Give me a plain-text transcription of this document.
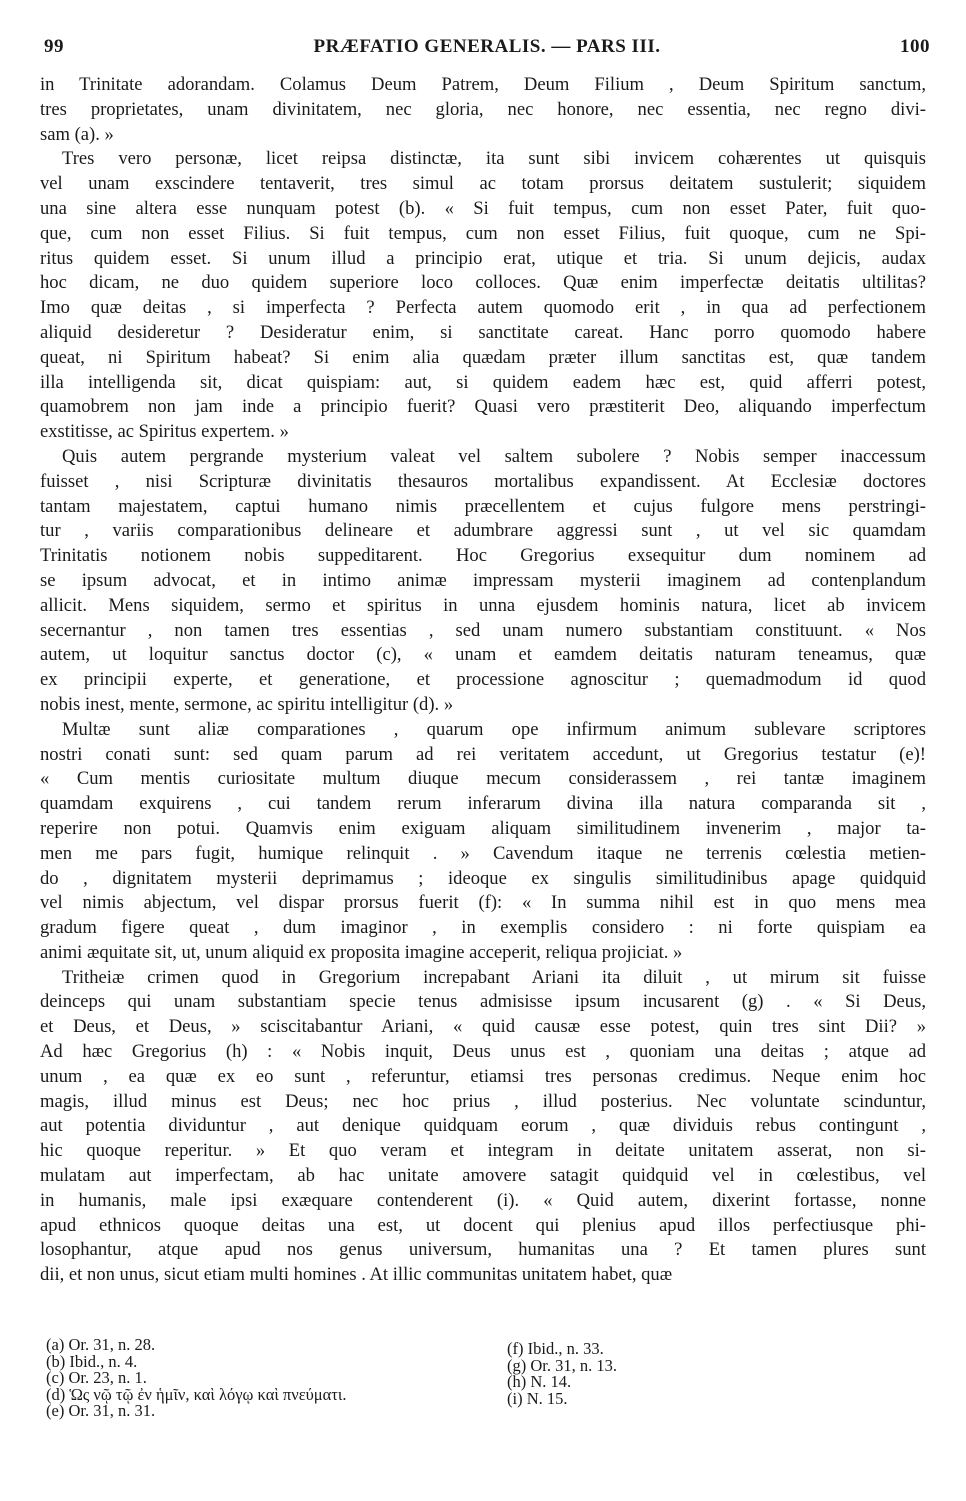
99	PRÆFATIO GENERALIS. — PARS III.	100
in Trinitate adorandam. Colamus Deum Patrem, Deum Filium , Deum Spiritum sanctum,
tres proprietates, unam divinitatem, nec gloria, nec honore, nec essentia, nec regno divi-
sam (a). »
Tres vero personæ, licet reipsa distinctæ, ita sunt sibi invicem cohærentes ut quisquis
vel unam exscindere tentaverit, tres simul ac totam prorsus deitatem sustulerit; siquidem
una sine altera esse nunquam potest (b). « Si fuit tempus, cum non esset Pater, fuit quo-
que, cum non esset Filius. Si fuit tempus, cum non esset Filius, fuit quoque, cum ne Spi-
ritus quidem esset. Si unum illud a principio erat, utique et tria. Si unum dejicis, audax
hoc dicam, ne duo quidem superiore loco colloces. Quæ enim imperfectæ deitatis ultilitas?
Imo quæ deitas , si imperfecta ? Perfecta autem quomodo erit , in qua ad perfectionem
aliquid desideretur ? Desideratur enim, si sanctitate careat. Hanc porro quomodo habere
queat, ni Spiritum habeat? Si enim alia quædam præter illum sanctitas est, quæ tandem
illa intelligenda sit, dicat quispiam: aut, si quidem eadem hæc est, quid afferri potest,
quamobrem non jam inde a principio fuerit? Quasi vero præstiterit Deo, aliquando imperfectum
exstitisse, ac Spiritus expertem. »
Quis autem pergrande mysterium valeat vel saltem subolere ? Nobis semper inaccessum
fuisset , nisi Scripturæ divinitatis thesauros mortalibus expandissent. At Ecclesiæ doctores
tantam majestatem, captui humano nimis præcellentem et cujus fulgore mens perstringi-
tur , variis comparationibus delineare et adumbrare aggressi sunt , ut vel sic quamdam
Trinitatis notionem nobis suppeditarent. Hoc Gregorius exsequitur dum nominem ad
se ipsum advocat, et in intimo animæ impressam mysterii imaginem ad contenplandum
allicit. Mens siquidem, sermo et spiritus in unna ejusdem hominis natura, licet ab invicem
secernantur , non tamen tres essentias , sed unam numero substantiam constituunt. « Nos
autem, ut loquitur sanctus doctor (c), « unam et eamdem deitatis naturam teneamus, quæ
ex principii experte, et generatione, et processione agnoscitur ; quemadmodum id quod
nobis inest, mente, sermone, ac spiritu intelligitur (d). »
Multæ sunt aliæ comparationes , quarum ope infirmum animum sublevare scriptores
nostri conati sunt: sed quam parum ad rei veritatem accedunt, ut Gregorius testatur (e)!
« Cum mentis curiositate multum diuque mecum considerassem , rei tantæ imaginem
quamdam exquirens , cui tandem rerum inferarum divina illa natura comparanda sit ,
reperire non potui. Quamvis enim exiguam aliquam similitudinem invenerim , major ta-
men me pars fugit, humique relinquit . » Cavendum itaque ne terrenis cœlestia metien-
do , dignitatem mysterii deprimamus ; ideoque ex singulis similitudinibus apage quidquid
vel nimis abjectum, vel dispar prorsus fuerit (f): « In summa nihil est in quo mens mea
gradum figere queat , dum imaginor , in exemplis considero : ni forte quispiam ea
animi æquitate sit, ut, unum aliquid ex proposita imagine acceperit, reliqua projiciat. »
Tritheiæ crimen quod in Gregorium increpabant Ariani ita diluit , ut mirum sit fuisse
deinceps qui unam substantiam specie tenus admisisse ipsum incusarent (g) . « Si Deus,
et Deus, et Deus, » sciscitabantur Ariani, « quid causæ esse potest, quin tres sint Dii? »
Ad hæc Gregorius (h) : « Nobis inquit, Deus unus est , quoniam una deitas ; atque ad
unum , ea quæ ex eo sunt , referuntur, etiamsi tres personas credimus. Neque enim hoc
magis, illud minus est Deus; nec hoc prius , illud posterius. Nec voluntate scinduntur,
aut potentia dividuntur , aut denique quidquam eorum , quæ dividuis rebus contingunt ,
hic quoque reperitur. » Et quo veram et integram in deitate unitatem asserat, non si-
mulatam aut imperfectam, ab hac unitate amovere satagit quidquid vel in cœlestibus, vel
in humanis, male ipsi exæquare contenderent (i). « Quid autem, dixerint fortasse, nonne
apud ethnicos quoque deitas una est, ut docent qui plenius apud illos perfectiusque phi-
losophantur, atque apud nos genus universum, humanitas una ? Et tamen plures sunt
dii, et non unus, sicut etiam multi homines . At illic communitas unitatem habet, quæ
(a) Or. 31, n. 28.
(b) Ibid., n. 4.
(c) Or. 23, n. 1.
(d) Ὡς νῷ τῷ ἐν ἡμῖν, καὶ λόγῳ καὶ πνεύματι.
(e) Or. 31, n. 31.
(f) Ibid., n. 33.
(g) Or. 31, n. 13.
(h) N. 14.
(i) N. 15.
